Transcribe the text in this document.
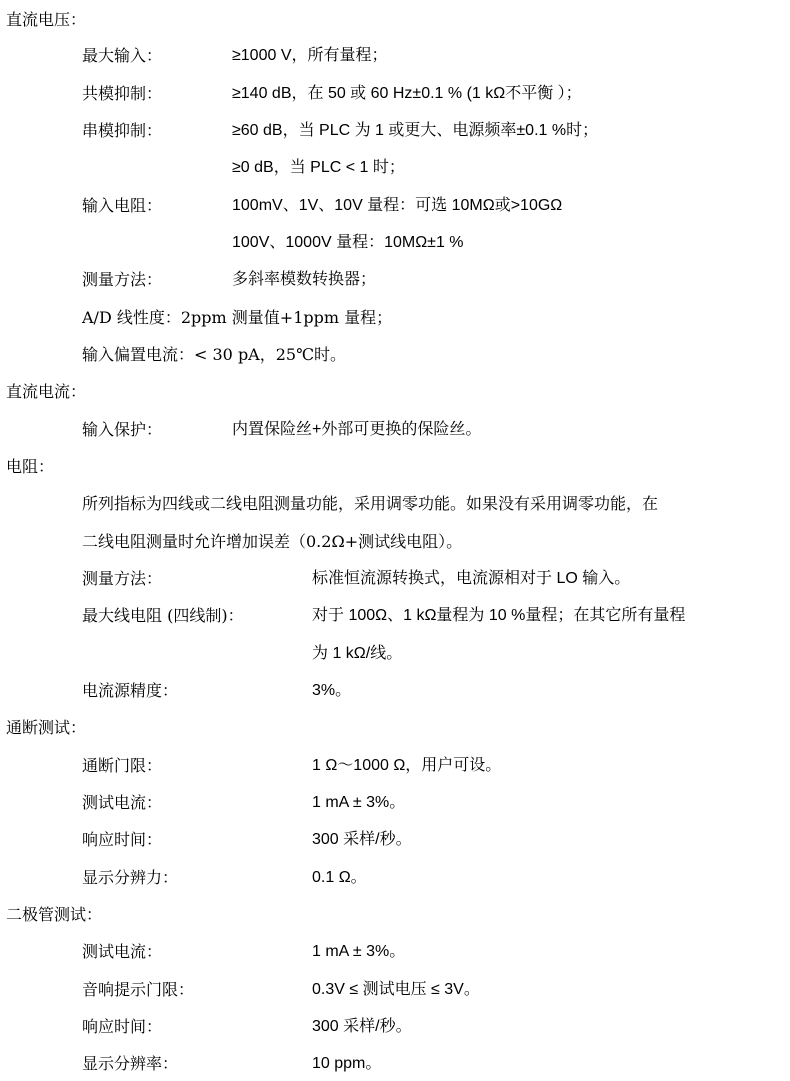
直流电压：
最大输入：	≥1000 V，所有量程；
共模抑制：	≥140 dB，在 50 或 60 Hz±0.1 % (1 kΩ不平衡 ）；
串模抑制：	≥60 dB，当 PLC 为 1 或更大、电源频率±0.1 %时；
≥0 dB，当 PLC < 1 时；
输入电阻：	100mV、1V、10V 量程：可选 10MΩ或>10GΩ
100V、1000V 量程：10MΩ±1 %
测量方法：	多斜率模数转换器；
A/D 线性度：2ppm 测量值+1ppm 量程；
输入偏置电流：< 30 pA，25℃时。
直流电流：
输入保护：	内置保险丝+外部可更换的保险丝。
电阻：
所列指标为四线或二线电阻测量功能，采用调零功能。如果没有采用调零功能，在
二线电阻测量时允许增加误差（0.2Ω+测试线电阻）。
测量方法：	标准恒流源转换式，电流源相对于 LO 输入。
最大线电阻 (四线制)：	对于 100Ω、1 kΩ量程为 10 %量程；在其它所有量程
为 1 kΩ/线。
电流源精度：	3%。
通断测试：
通断门限：	1 Ω～1000 Ω，用户可设。
测试电流：	1 mA ± 3%。
响应时间：	300 采样/秒。
显示分辨力：	0.1 Ω。
二极管测试：
测试电流：	1 mA ± 3%。
音响提示门限：	0.3V ≤ 测试电压 ≤ 3V。
响应时间：	300 采样/秒。
显示分辨率：	10 ppm。
